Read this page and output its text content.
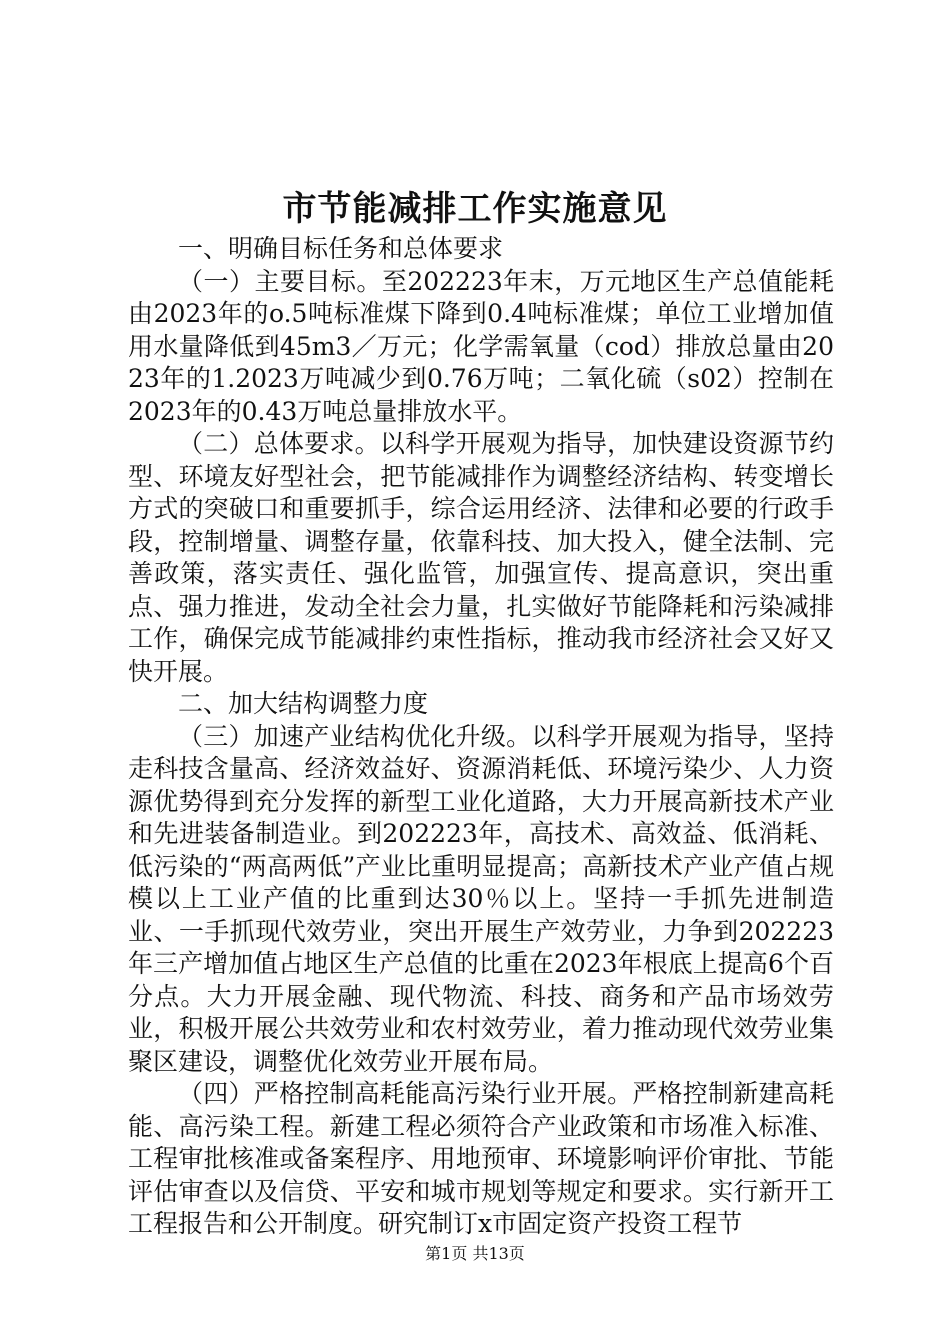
市节能减排工作实施意见

一、明确目标任务和总体要求

（一）主要目标。至202223年末，万元地区生产总值能耗由2023年的o.5吨标准煤下降到0.4吨标准煤；单位工业增加值用水量降低到45m3／万元；化学需氧量（cod）排放总量由2023年的1.2023万吨减少到0.76万吨；二氧化硫（s02）控制在2023年的0.43万吨总量排放水平。

（二）总体要求。以科学开展观为指导，加快建设资源节约型、环境友好型社会，把节能减排作为调整经济结构、转变增长方式的突破口和重要抓手，综合运用经济、法律和必要的行政手段，控制增量、调整存量，依靠科技、加大投入，健全法制、完善政策，落实责任、强化监管，加强宣传、提高意识，突出重点、强力推进，发动全社会力量，扎实做好节能降耗和污染减排工作，确保完成节能减排约束性指标，推动我市经济社会又好又快开展。

二、加大结构调整力度

（三）加速产业结构优化升级。以科学开展观为指导，坚持走科技含量高、经济效益好、资源消耗低、环境污染少、人力资源优势得到充分发挥的新型工业化道路，大力开展高新技术产业和先进装备制造业。到202223年，高技术、高效益、低消耗、低污染的“两高两低”产业比重明显提高；高新技术产业产值占规模以上工业产值的比重到达30％以上。坚持一手抓先进制造业、一手抓现代效劳业，突出开展生产效劳业，力争到202223年三产增加值占地区生产总值的比重在2023年根底上提高6个百分点。大力开展金融、现代物流、科技、商务和产品市场效劳业，积极开展公共效劳业和农村效劳业，着力推动现代效劳业集聚区建设，调整优化效劳业开展布局。

（四）严格控制高耗能高污染行业开展。严格控制新建高耗能、高污染工程。新建工程必须符合产业政策和市场准入标准、工程审批核准或备案程序、用地预审、环境影响评价审批、节能评估审查以及信贷、平安和城市规划等规定和要求。实行新开工工程报告和公开制度。研究制订x市固定资产投资工程节

第1页 共13页
